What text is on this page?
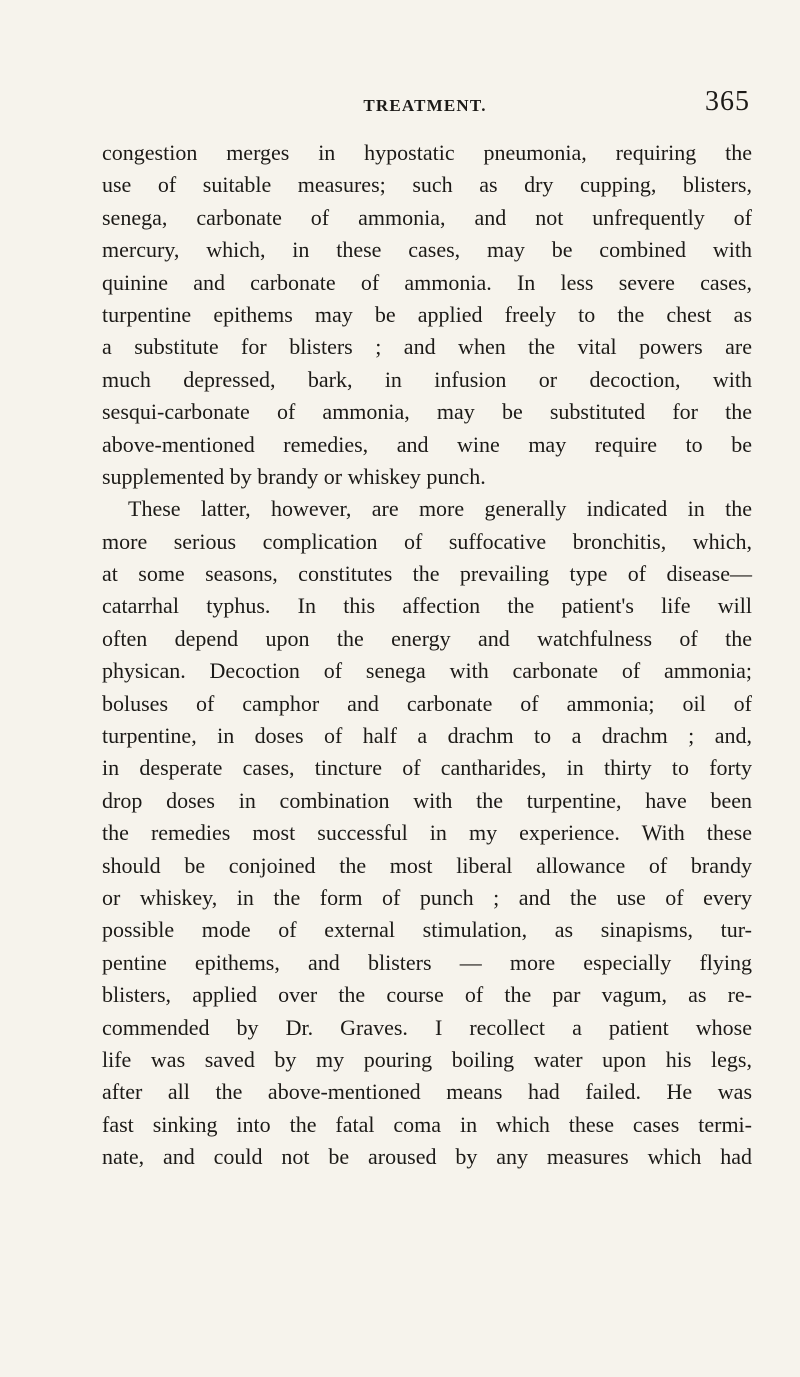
TREATMENT.	365
congestion merges in hypostatic pneumonia, requiring the
use of suitable measures; such as dry cupping, blisters,
senega, carbonate of ammonia, and not unfrequently of
mercury, which, in these cases, may be combined with
quinine and carbonate of ammonia. In less severe cases,
turpentine epithems may be applied freely to the chest as
a substitute for blisters ; and when the vital powers are
much depressed, bark, in infusion or decoction, with
sesqui-carbonate of ammonia, may be substituted for the
above-mentioned remedies, and wine may require to be
supplemented by brandy or whiskey punch.
These latter, however, are more generally indicated in the
more serious complication of suffocative bronchitis, which,
at some seasons, constitutes the prevailing type of disease—
catarrhal typhus. In this affection the patient's life will
often depend upon the energy and watchfulness of the
physican. Decoction of senega with carbonate of ammonia;
boluses of camphor and carbonate of ammonia; oil of
turpentine, in doses of half a drachm to a drachm ; and,
in desperate cases, tincture of cantharides, in thirty to forty
drop doses in combination with the turpentine, have been
the remedies most successful in my experience. With these
should be conjoined the most liberal allowance of brandy
or whiskey, in the form of punch ; and the use of every
possible mode of external stimulation, as sinapisms, tur-
pentine epithems, and blisters — more especially flying
blisters, applied over the course of the par vagum, as re-
commended by Dr. Graves. I recollect a patient whose
life was saved by my pouring boiling water upon his legs,
after all the above-mentioned means had failed. He was
fast sinking into the fatal coma in which these cases termi-
nate, and could not be aroused by any measures which had
